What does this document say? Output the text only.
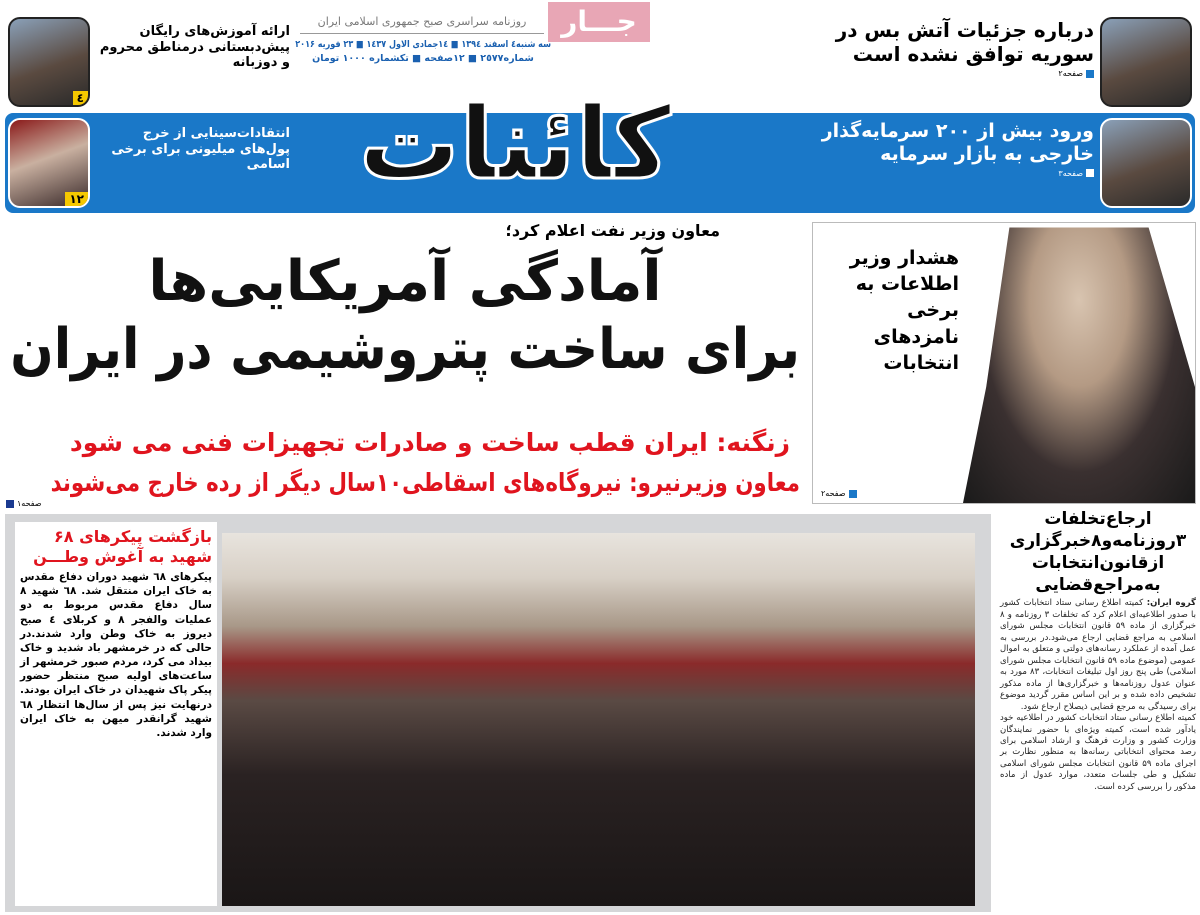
کائنات
جـــار
روزنامه سراسری صبح جمهوری اسلامی ایران
سه شنبه٤ اسفند ١٣٩٤ ■ ١٤جمادی الاول ١٤٣٧ ■ ٢٣ فوریه ٢٠١۶
شماره٢٥٧٧ ■ ١٢صفحه ■ تکشماره ١٠٠٠ تومان
درباره جزئیات آتش بس در سوریه توافق نشده است
صفحه۲
ورود بیش از ۲۰۰ سرمایه‌گذار خارجی به بازار سرمایه
صفحه۳
٤
ارائه آموزش‌های رایگان پیش‌دبستانی درمناطق محروم و دوزبانه
١٢
انتقادات‌سینایی از خرج پول‌های میلیونی برای برخی اسامی
معاون وزیر نفت اعلام کرد؛
آمادگی آمریکایی‌ها
برای ساخت پتروشیمی در ایران
زنگنه: ایران قطب ساخت و صادرات تجهیزات فنی می شود
معاون وزیرنیرو: نیروگاه‌های اسقاطی۱۰سال دیگر از رده خارج می‌شوند
صفحه۱
هشدار وزیر اطلاعات به برخی نامزدهای انتخابات
صفحه۲
بازگشت پیکرهای ۶۸ شهید به آغوش وطـــن

پیکرهای ٦٨ شهید دوران دفاع مقدس به خاک ایران منتقل شد. ٦٨ شهید ٨ سال دفاع مقدس مربوط به دو عملیات والفجر ٨ و کربلای ٤ صبح دیروز به خاک وطن وارد شدند.در حالی که در خرمشهر باد شدید و خاک بیداد می کرد، مردم صبور خرمشهر از ساعت‌های اولیه صبح منتظر حضور پیکر پاک شهیدان در خاک ایران بودند. درنهایت نیز پس از سال‌ها انتظار ٦٨ شهید گرانقدر میهن به خاک ایران وارد شدند.

ارجاع‌تخلفات ۳روزنامه‌و۸خبرگزاری ازقانون‌انتخابات به‌مراجع‌قضایی

گروه ایران: کمیته اطلاع رسانی ستاد انتخابات کشور با صدور اطلاعیه‌ای اعلام کرد که تخلفات ۳ روزنامه و ۸ خبرگزاری از ماده ۵۹ قانون انتخابات مجلس شورای اسلامی به مراجع قضایی ارجاع می‌شود.در بررسی به عمل آمده از عملکرد رسانه‌های دولتی و متعلق به اموال عمومی (موضوع ماده ۵۹ قانون انتخابات مجلس شورای اسلامی) طی پنج روز اول تبلیغات انتخابات، ۸۳ مورد به عنوان عدول روزنامه‌ها و خبرگزاری‌ها از ماده مذکور تشخیص داده شده و بر این اساس مقرر گردید موضوع برای رسیدگی به مرجع قضایی ذیصلاح ارجاع شود.

کمیته اطلاع رسانی ستاد انتخابات کشور در اطلاعیه خود یادآور شده است، کمیته ویژه‌ای با حضور نمایندگان وزارت کشور و وزارت فرهنگ و ارشاد اسلامی برای رصد محتوای انتخاباتی رسانه‌ها به منظور نظارت بر اجرای ماده ۵۹ قانون انتخابات مجلس شورای اسلامی تشکیل و طی جلسات متعدد، موارد عدول از ماده مذکور را بررسی کرده است.
